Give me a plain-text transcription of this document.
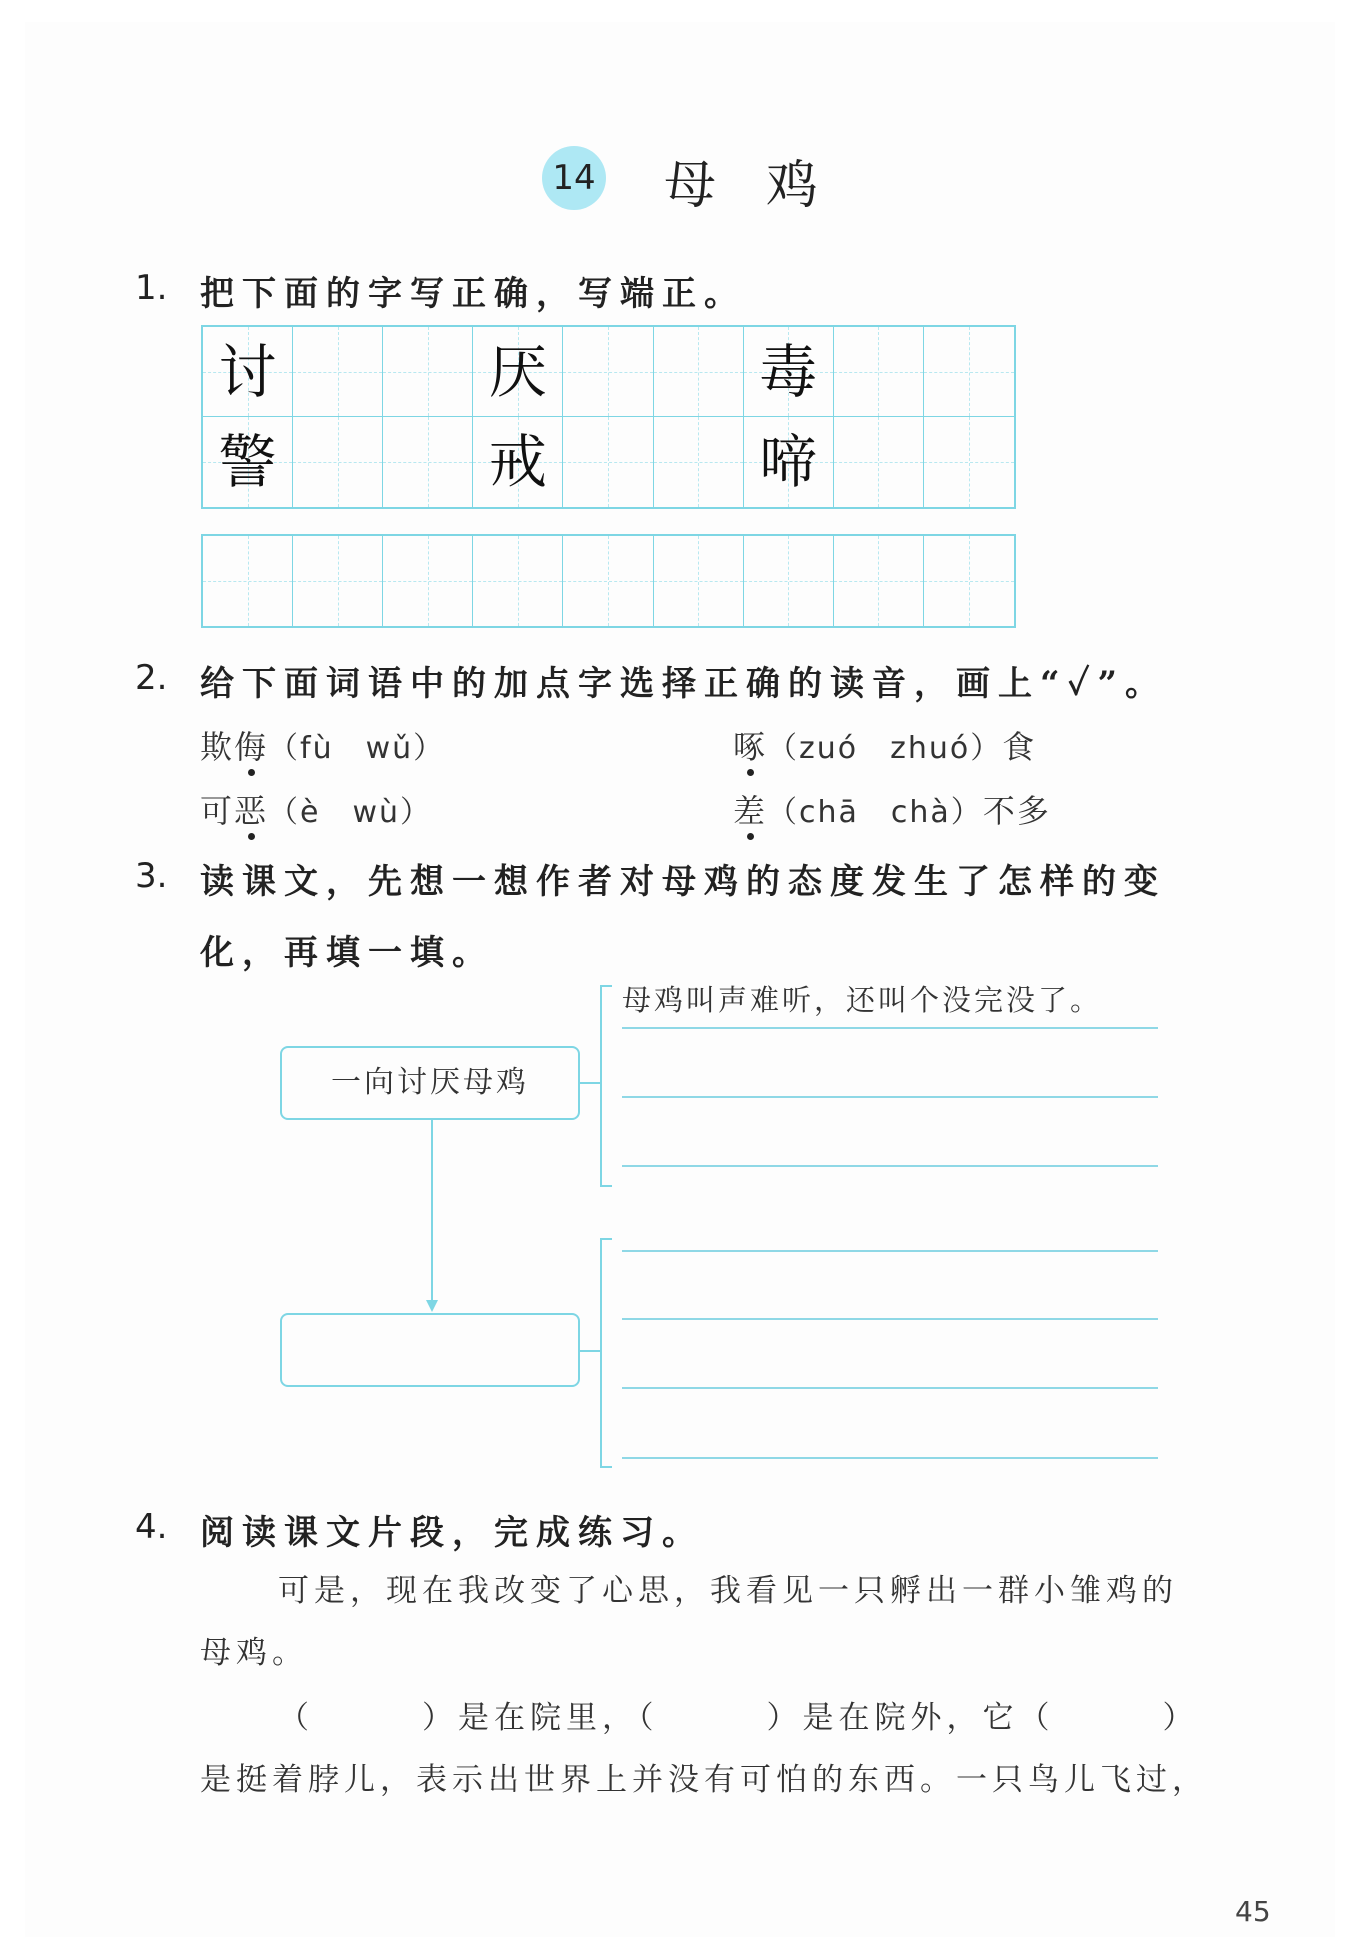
14 母鸡
1. 把下面的字写正确，写端正。
讨	厌	毒
警	戒	啼
2. 给下面词语中的加点字选择正确的读音，画上“✓”。
欺侮（fù　wǔ）	啄（zuó　zhuó）食
可恶（è　wù）	差（chā　chà）不多
3. 读课文，先想一想作者对母鸡的态度发生了怎样的变
化，再填一填。
一向讨厌母鸡
母鸡叫声难听，还叫个没完没了。
4. 阅读课文片段，完成练习。
可是，现在我改变了心思，我看见一只孵出一群小雏鸡的
母鸡。
（　　　）是在院里，（　　　）是在院外，它（　　　）
是挺着脖儿，表示出世界上并没有可怕的东西。一只鸟儿飞过，
45
